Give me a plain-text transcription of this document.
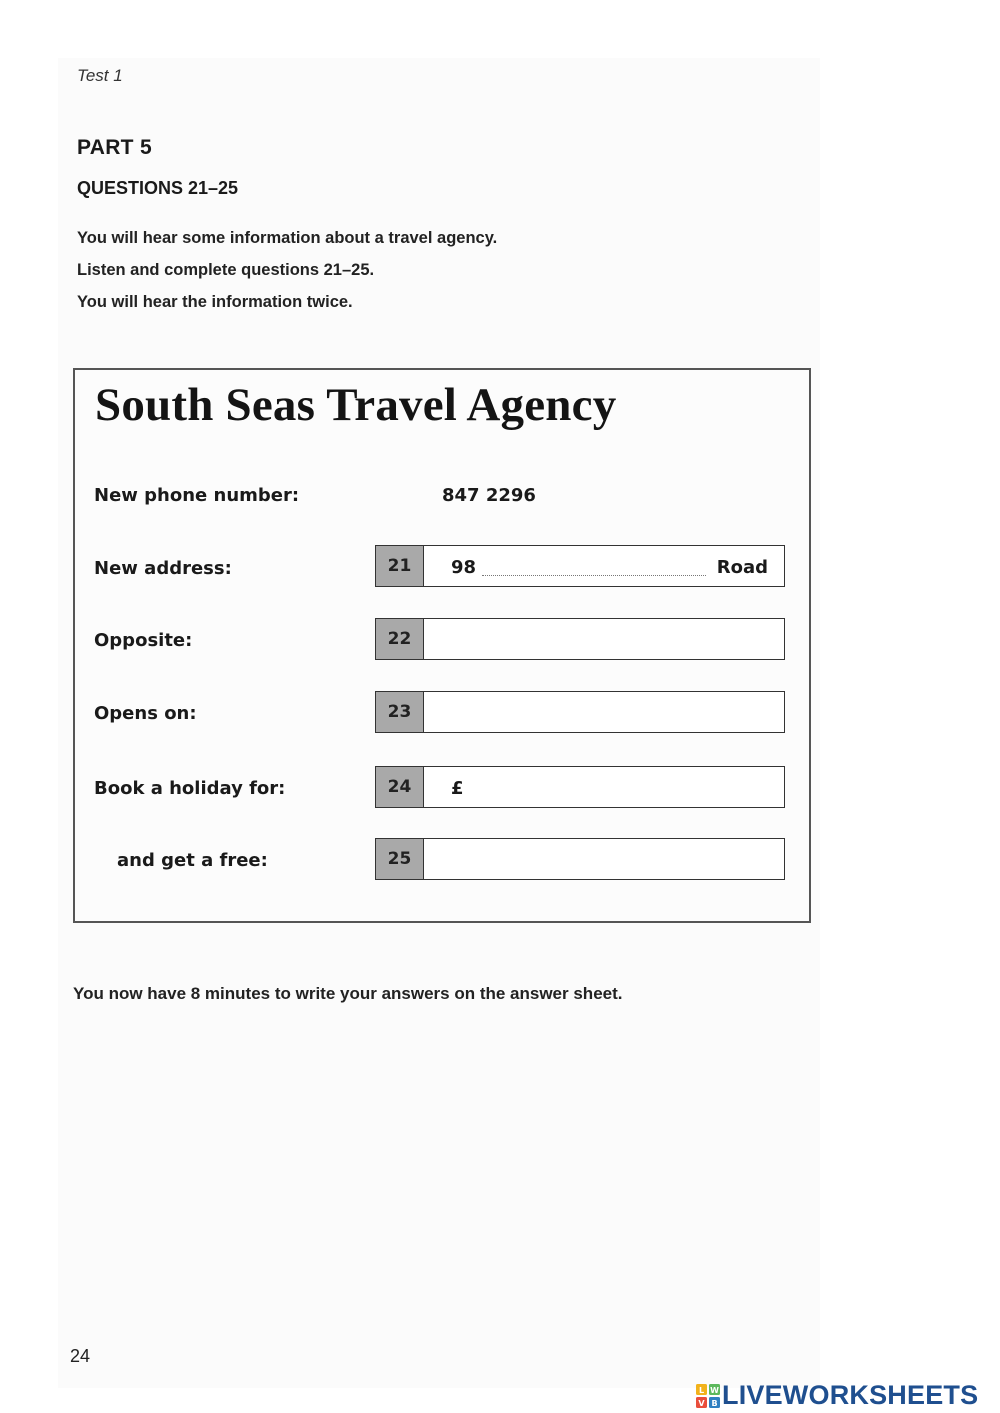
Test 1
PART 5
QUESTIONS 21–25
You will hear some information about a travel agency.
Listen and complete questions 21–25.
You will hear the information twice.
South Seas Travel Agency
New phone number:	847 2296
New address:	21	98	Road
Opposite:	22
Opens on:	23
Book a holiday for:	24	£
and get a free:	25
You now have 8 minutes to write your answers on the answer sheet.
24
L W
V B LIVEWORKSHEETS
